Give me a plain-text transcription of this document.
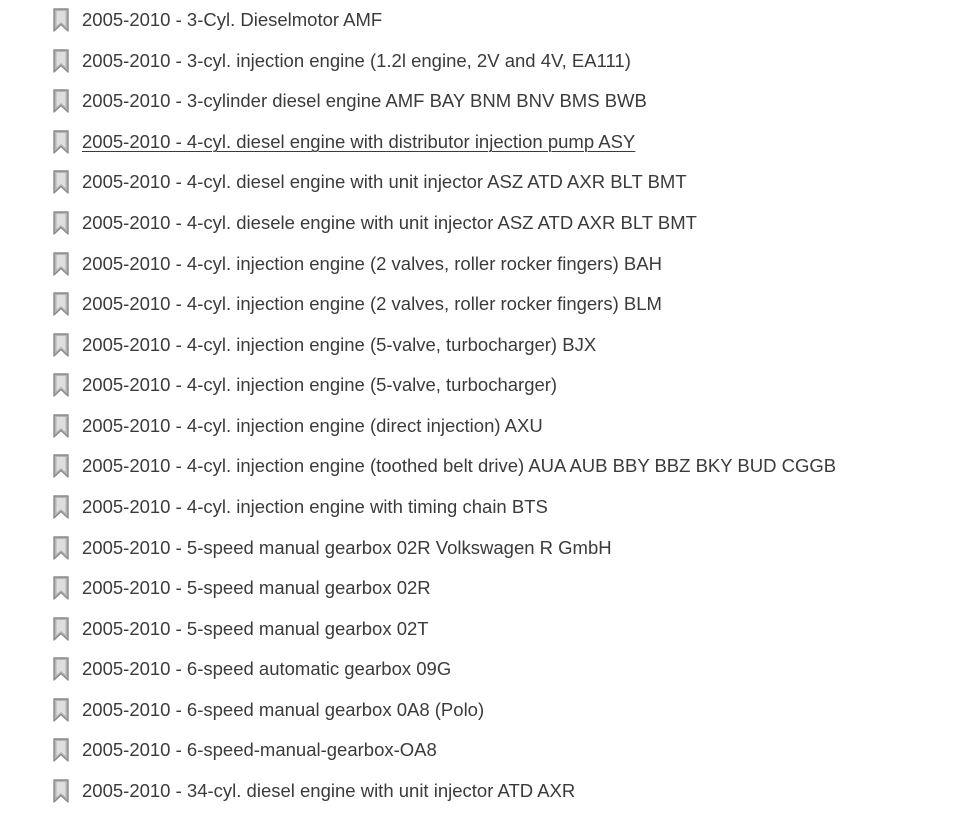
2005-2010 - 3-Cyl. Dieselmotor AMF
2005-2010 - 3-cyl. injection engine (1.2l engine, 2V and 4V, EA111)
2005-2010 - 3-cylinder diesel engine AMF BAY BNM BNV BMS BWB
2005-2010 - 4-cyl. diesel engine with distributor injection pump ASY
2005-2010 - 4-cyl. diesel engine with unit injector ASZ ATD AXR BLT BMT
2005-2010 - 4-cyl. diesele engine with unit injector ASZ ATD AXR BLT BMT
2005-2010 - 4-cyl. injection engine (2 valves, roller rocker fingers) BAH
2005-2010 - 4-cyl. injection engine (2 valves, roller rocker fingers) BLM
2005-2010 - 4-cyl. injection engine (5-valve, turbocharger) BJX
2005-2010 - 4-cyl. injection engine (5-valve, turbocharger)
2005-2010 - 4-cyl. injection engine (direct injection) AXU
2005-2010 - 4-cyl. injection engine (toothed belt drive) AUA AUB BBY BBZ BKY BUD CGGB
2005-2010 - 4-cyl. injection engine with timing chain BTS
2005-2010 - 5-speed manual gearbox 02R Volkswagen R GmbH
2005-2010 - 5-speed manual gearbox 02R
2005-2010 - 5-speed manual gearbox 02T
2005-2010 - 6-speed automatic gearbox 09G
2005-2010 - 6-speed manual gearbox 0A8 (Polo)
2005-2010 - 6-speed-manual-gearbox-OA8
2005-2010 - 34-cyl. diesel engine with unit injector ATD AXR
